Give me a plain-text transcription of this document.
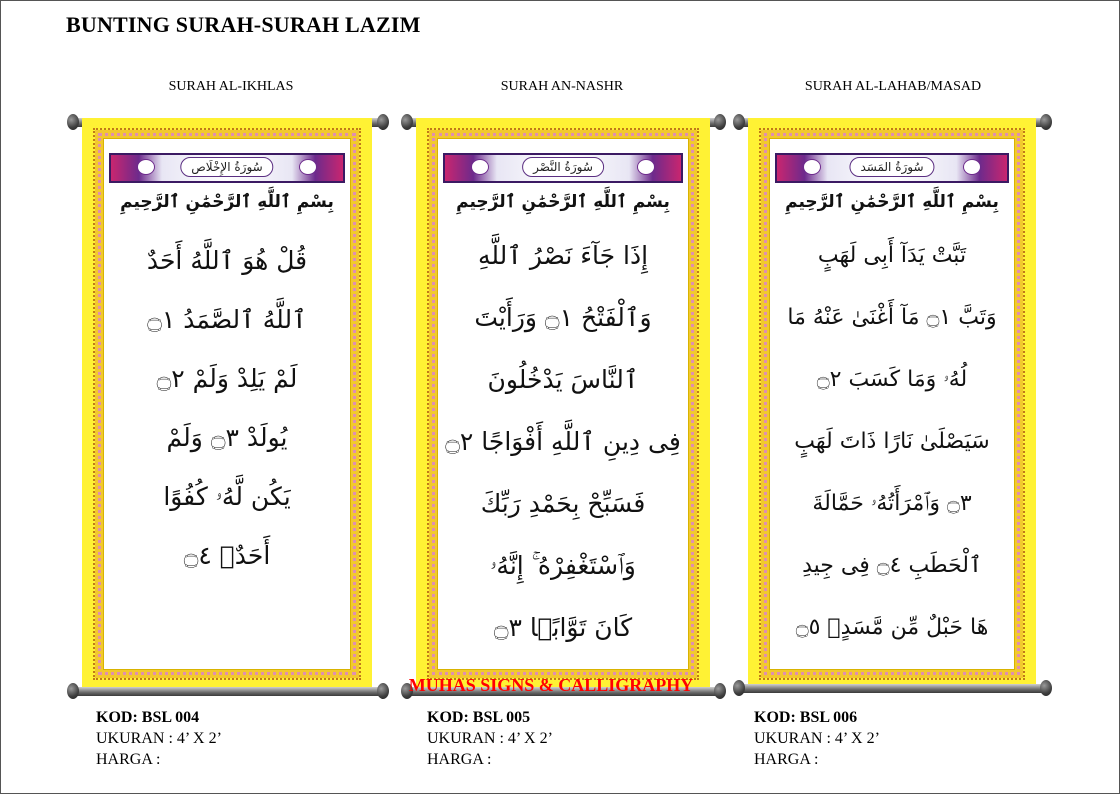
BUNTING SURAH-SURAH LAZIM
SURAH AL-IKHLAS	SURAH AN-NASHR	SURAH AL-LAHAB/MASAD
سُورَةُ الإِخْلَاص
بِسْمِ ٱللَّهِ ٱلرَّحْمَٰنِ ٱلرَّحِيمِ
قُلْ هُوَ ٱللَّهُ أَحَدٌ
ٱللَّهُ ٱلصَّمَدُ ۝١
لَمْ يَلِدْ وَلَمْ ۝٢
يُولَدْ ۝٣ وَلَمْ
يَكُن لَّهُۥ كُفُوًا
أَحَدٌۢ ۝٤
سُورَةُ النَّصْر
بِسْمِ ٱللَّهِ ٱلرَّحْمَٰنِ ٱلرَّحِيمِ
إِذَا جَآءَ نَصْرُ ٱللَّهِ
وَٱلْفَتْحُ ۝١ وَرَأَيْتَ
ٱلنَّاسَ يَدْخُلُونَ
فِى دِينِ ٱللَّهِ أَفْوَاجًا ۝٢
فَسَبِّحْ بِحَمْدِ رَبِّكَ
وَٱسْتَغْفِرْهُ ۚ إِنَّهُۥ
كَانَ تَوَّابًۢا ۝٣
سُورَةُ المَسَد
بِسْمِ ٱللَّهِ ٱلرَّحْمَٰنِ ٱلرَّحِيمِ
تَبَّتْ يَدَآ أَبِى لَهَبٍ
وَتَبَّ ۝١ مَآ أَغْنَىٰ عَنْهُ مَا
لُهُۥ وَمَا كَسَبَ ۝٢
سَيَصْلَىٰ نَارًا ذَاتَ لَهَبٍ
۝٣ وَٱمْرَأَتُهُۥ حَمَّالَةَ
ٱلْحَطَبِ ۝٤ فِى جِيدِ
هَا حَبْلٌ مِّن مَّسَدٍۭ ۝٥
MUHAS SIGNS & CALLIGRAPHY
KOD: BSL 004
UKURAN : 4’ X 2’
HARGA :
KOD: BSL 005
UKURAN : 4’ X 2’
HARGA :
KOD: BSL 006
UKURAN : 4’ X 2’
HARGA :
